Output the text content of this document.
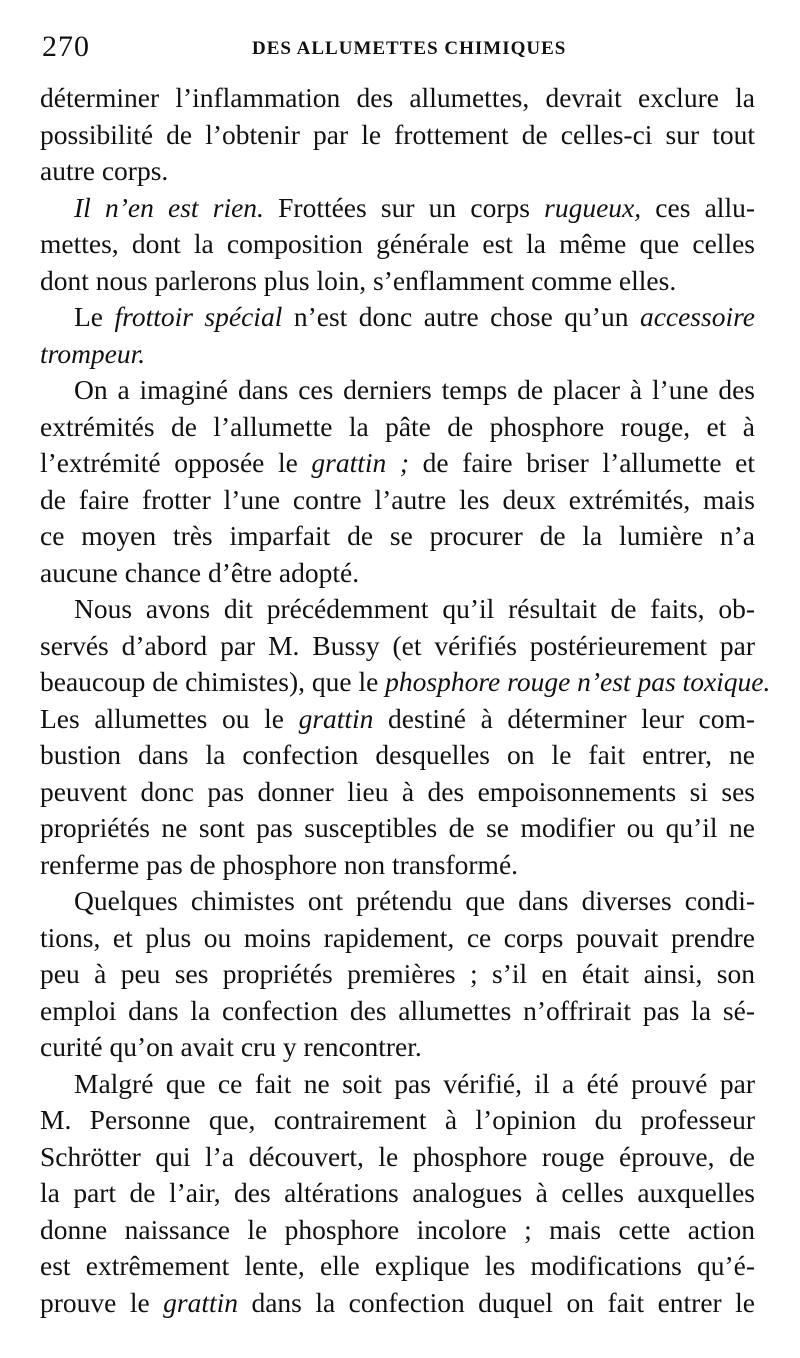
270	DES ALLUMETTES CHIMIQUES
déterminer l’inflammation des allumettes, devrait exclure la
possibilité de l’obtenir par le frottement de celles-ci sur tout
autre corps.
Il n’en est rien. Frottées sur un corps rugueux, ces allu-
mettes, dont la composition générale est la même que celles
dont nous parlerons plus loin, s’enflamment comme elles.
Le frottoir spécial n’est donc autre chose qu’un accessoire
trompeur.
On a imaginé dans ces derniers temps de placer à l’une des
extrémités de l’allumette la pâte de phosphore rouge, et à
l’extrémité opposée le grattin ; de faire briser l’allumette et
de faire frotter l’une contre l’autre les deux extrémités, mais
ce moyen très imparfait de se procurer de la lumière n’a
aucune chance d’être adopté.
Nous avons dit précédemment qu’il résultait de faits, ob-
servés d’abord par M. Bussy (et vérifiés postérieurement par
beaucoup de chimistes), que le phosphore rouge n’est pas toxique.
Les allumettes ou le grattin destiné à déterminer leur com-
bustion dans la confection desquelles on le fait entrer, ne
peuvent donc pas donner lieu à des empoisonnements si ses
propriétés ne sont pas susceptibles de se modifier ou qu’il ne
renferme pas de phosphore non transformé.
Quelques chimistes ont prétendu que dans diverses condi-
tions, et plus ou moins rapidement, ce corps pouvait prendre
peu à peu ses propriétés premières ; s’il en était ainsi, son
emploi dans la confection des allumettes n’offrirait pas la sé-
curité qu’on avait cru y rencontrer.
Malgré que ce fait ne soit pas vérifié, il a été prouvé par
M. Personne que, contrairement à l’opinion du professeur
Schrötter qui l’a découvert, le phosphore rouge éprouve, de
la part de l’air, des altérations analogues à celles auxquelles
donne naissance le phosphore incolore ; mais cette action
est extrêmement lente, elle explique les modifications qu’é-
prouve le grattin dans la confection duquel on fait entrer le
